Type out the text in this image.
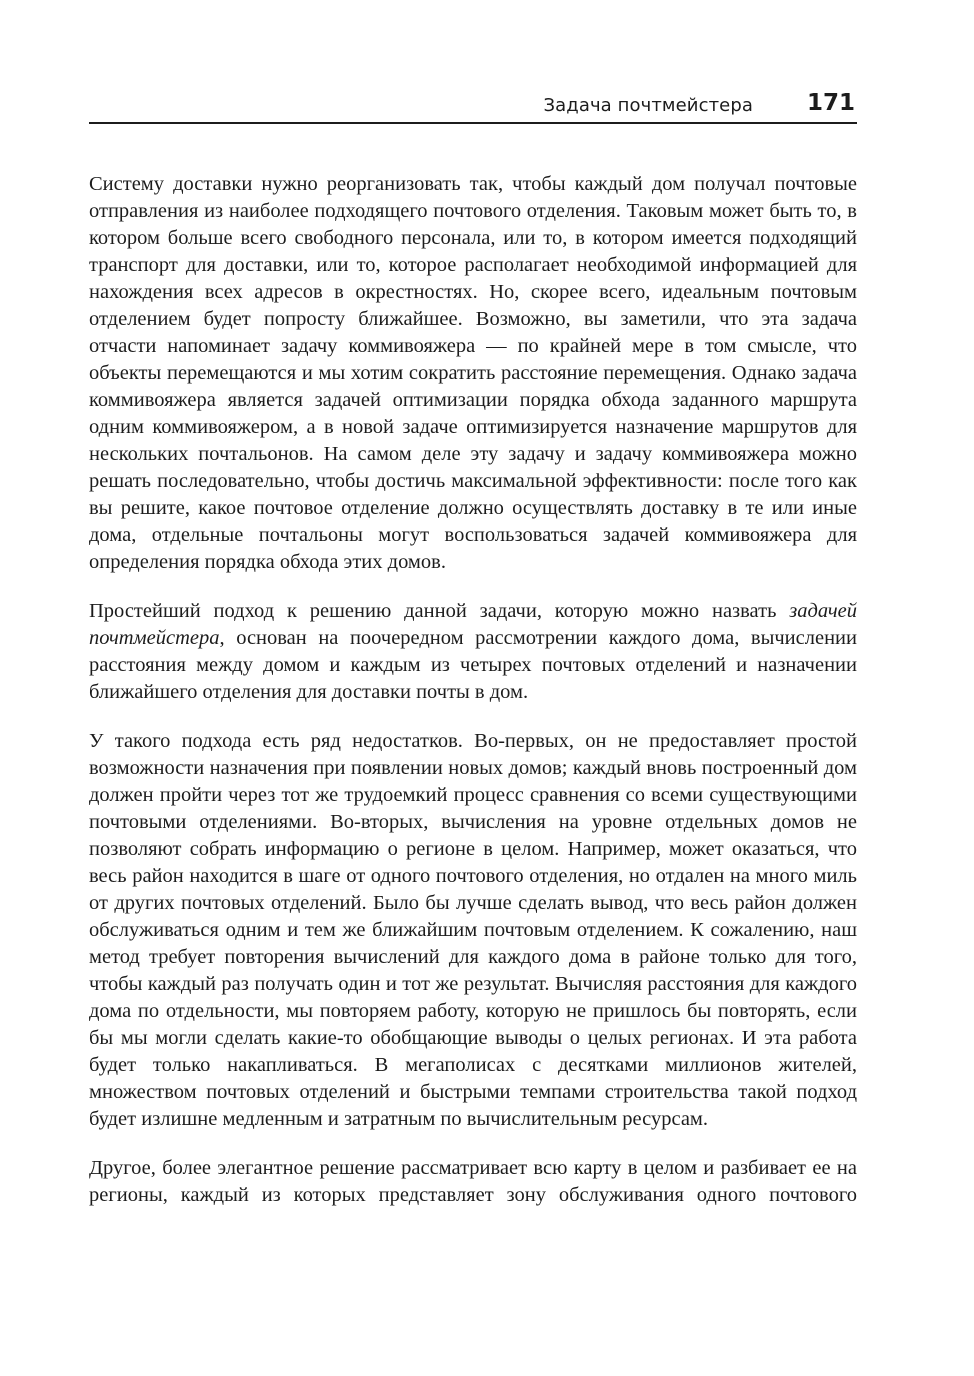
Задача почтмейстера 171

Систему доставки нужно реорганизовать так, чтобы каждый дом получал почтовые отправления из наиболее подходящего почтового отделения. Таковым может быть то, в котором больше всего свободного персонала, или то, в котором имеется подходящий транспорт для доставки, или то, которое располагает необходимой информацией для нахождения всех адресов в окрестностях. Но, скорее всего, идеальным почтовым отделением будет попросту ближайшее. Возможно, вы заметили, что эта задача отчасти напоминает задачу коммивояжера — по крайней мере в том смысле, что объекты перемещаются и мы хотим сократить расстояние перемещения. Однако задача коммивояжера является задачей оптимизации порядка обхода заданного маршрута одним коммивояжером, а в новой задаче оптимизируется назначение маршрутов для нескольких почтальонов. На самом деле эту задачу и задачу коммивояжера можно решать последовательно, чтобы достичь максимальной эффективности: после того как вы решите, какое почтовое отделение должно осуществлять доставку в те или иные дома, отдельные почтальоны могут воспользоваться задачей коммивояжера для определения порядка обхода этих домов.

Простейший подход к решению данной задачи, которую можно назвать задачей почтмейстера, основан на поочередном рассмотрении каждого дома, вычислении расстояния между домом и каждым из четырех почтовых отделений и назначении ближайшего отделения для доставки почты в дом.

У такого подхода есть ряд недостатков. Во-первых, он не предоставляет простой возможности назначения при появлении новых домов; каждый вновь построенный дом должен пройти через тот же трудоемкий процесс сравнения со всеми существующими почтовыми отделениями. Во-вторых, вычисления на уровне отдельных домов не позволяют собрать информацию о регионе в целом. Например, может оказаться, что весь район находится в шаге от одного почтового отделения, но отдален на много миль от других почтовых отделений. Было бы лучше сделать вывод, что весь район должен обслуживаться одним и тем же ближайшим почтовым отделением. К сожалению, наш метод требует повторения вычислений для каждого дома в районе только для того, чтобы каждый раз получать один и тот же результат. Вычисляя расстояния для каждого дома по отдельности, мы повторяем работу, которую не пришлось бы повторять, если бы мы могли сделать какие-то обобщающие выводы о целых регионах. И эта работа будет только накапливаться. В мегаполисах с десятками миллионов жителей, множеством почтовых отделений и быстрыми темпами строительства такой подход будет излишне медленным и затратным по вычислительным ресурсам.

Другое, более элегантное решение рассматривает всю карту в целом и разбивает ее на регионы, каждый из которых представляет зону обслуживания одного почтового
